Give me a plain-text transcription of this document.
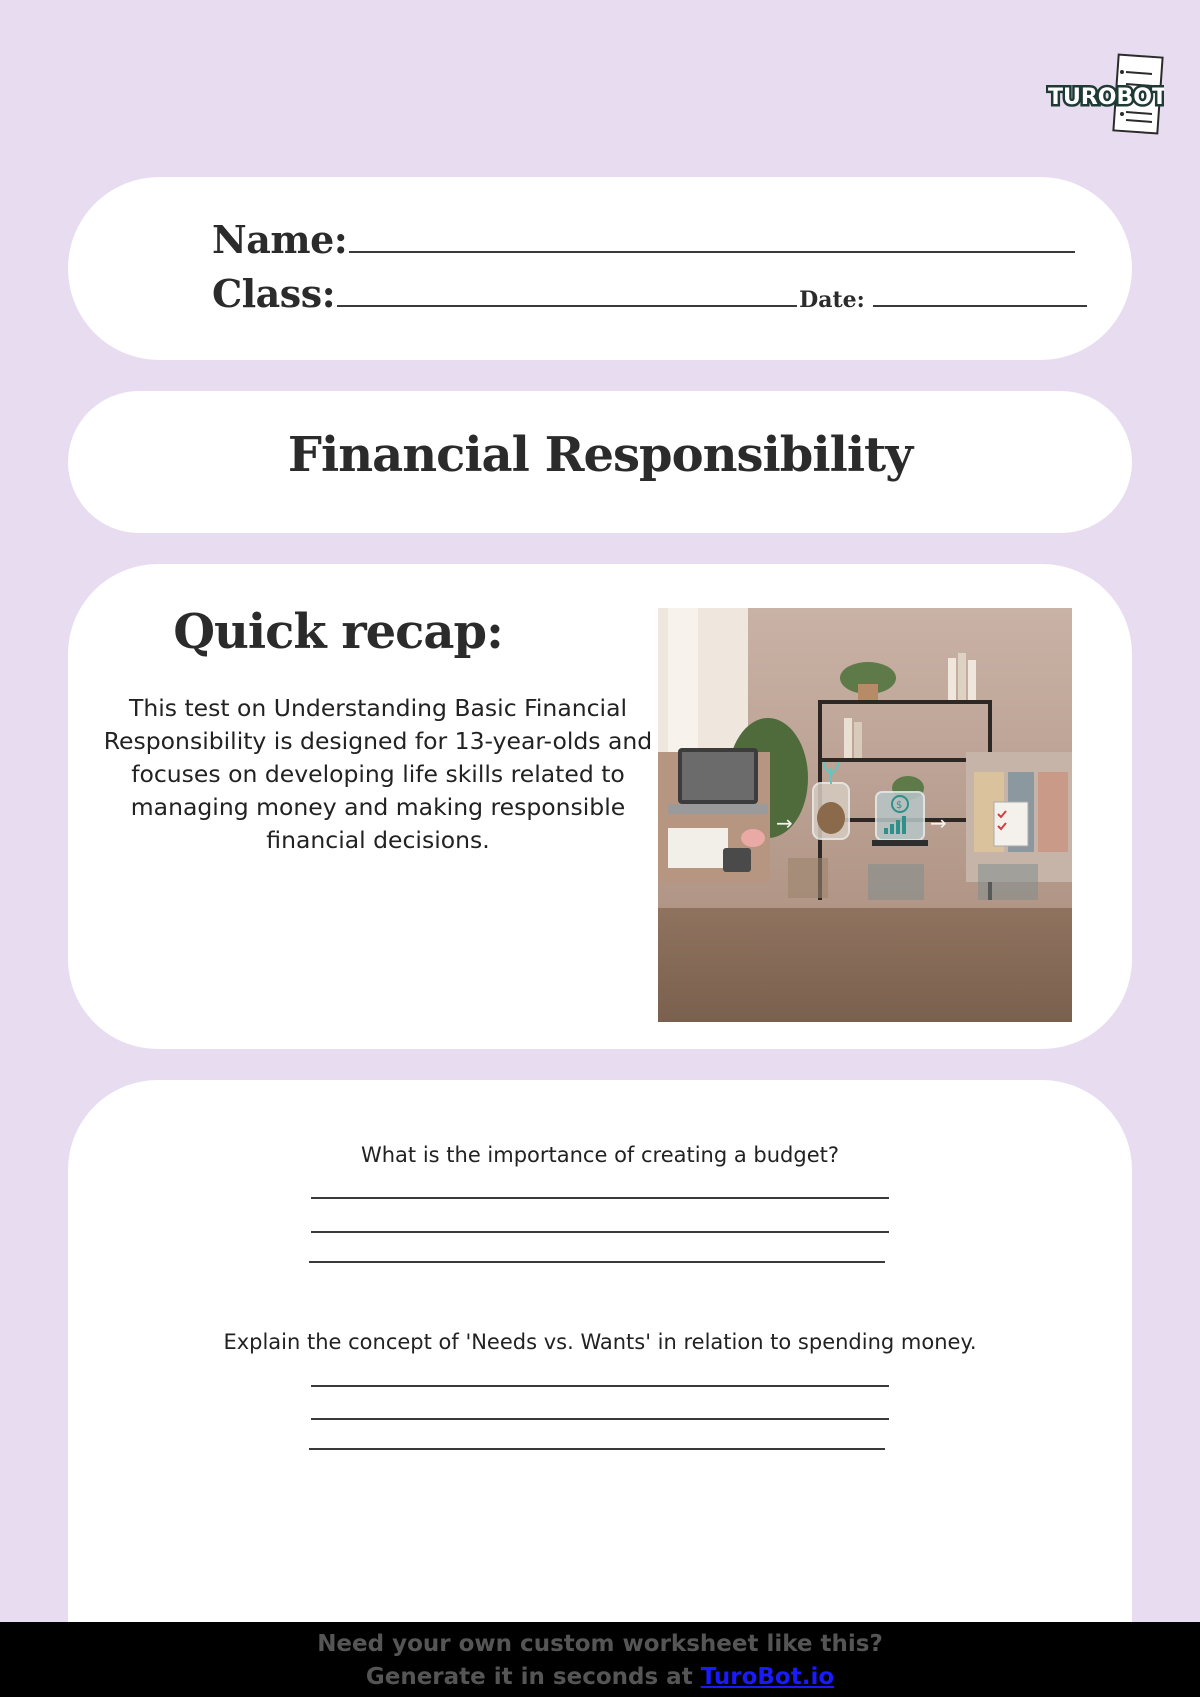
TUROBOT
Name:
Class:	Date:
Financial Responsibility
Quick recap:
This test on Understanding Basic Financial Responsibility is designed for 13-year-olds and focuses on developing life skills related to managing money and making responsible financial decisions.
→	→
$
What is the importance of creating a budget?
Explain the concept of 'Needs vs. Wants' in relation to spending money.
Need your own custom worksheet like this?
Generate it in seconds at TuroBot.io
